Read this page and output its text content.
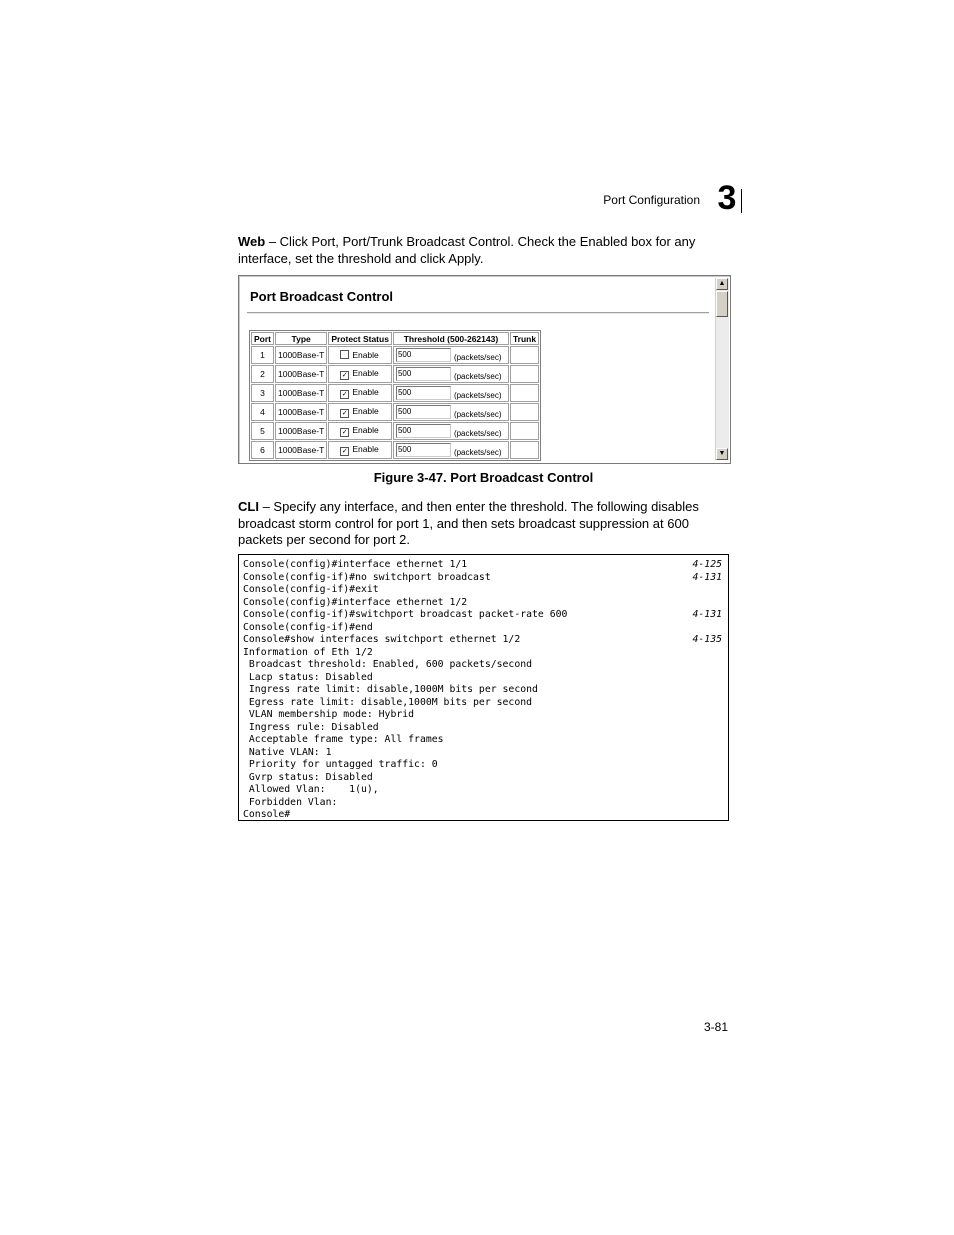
Port Configuration 3
Web – Click Port, Port/Trunk Broadcast Control. Check the Enabled box for any interface, set the threshold and click Apply.
Port Broadcast Control
Port	Type	Protect Status	Threshold (500-262143)	Trunk
1	1000Base-T	Enable	500 (packets/sec)	
2	1000Base-T	✓ Enable	500 (packets/sec)	
3	1000Base-T	✓ Enable	500 (packets/sec)	
4	1000Base-T	✓ Enable	500 (packets/sec)	
5	1000Base-T	✓ Enable	500 (packets/sec)	
6	1000Base-T	✓ Enable	500 (packets/sec)	
▲
▼
Figure 3-47. Port Broadcast Control
CLI – Specify any interface, and then enter the threshold. The following disables broadcast storm control for port 1, and then sets broadcast suppression at 600 packets per second for port 2.
Console(config)#interface ethernet 1/1	4-125
Console(config-if)#no switchport broadcast	4-131
Console(config-if)#exit
Console(config)#interface ethernet 1/2
Console(config-if)#switchport broadcast packet-rate 600	4-131
Console(config-if)#end
Console#show interfaces switchport ethernet 1/2	4-135
Information of Eth 1/2
Broadcast threshold: Enabled, 600 packets/second
Lacp status: Disabled
Ingress rate limit: disable,1000M bits per second
Egress rate limit: disable,1000M bits per second
VLAN membership mode: Hybrid
Ingress rule: Disabled
Acceptable frame type: All frames
Native VLAN: 1
Priority for untagged traffic: 0
Gvrp status: Disabled
Allowed Vlan:    1(u),
Forbidden Vlan:
Console#
3-81
